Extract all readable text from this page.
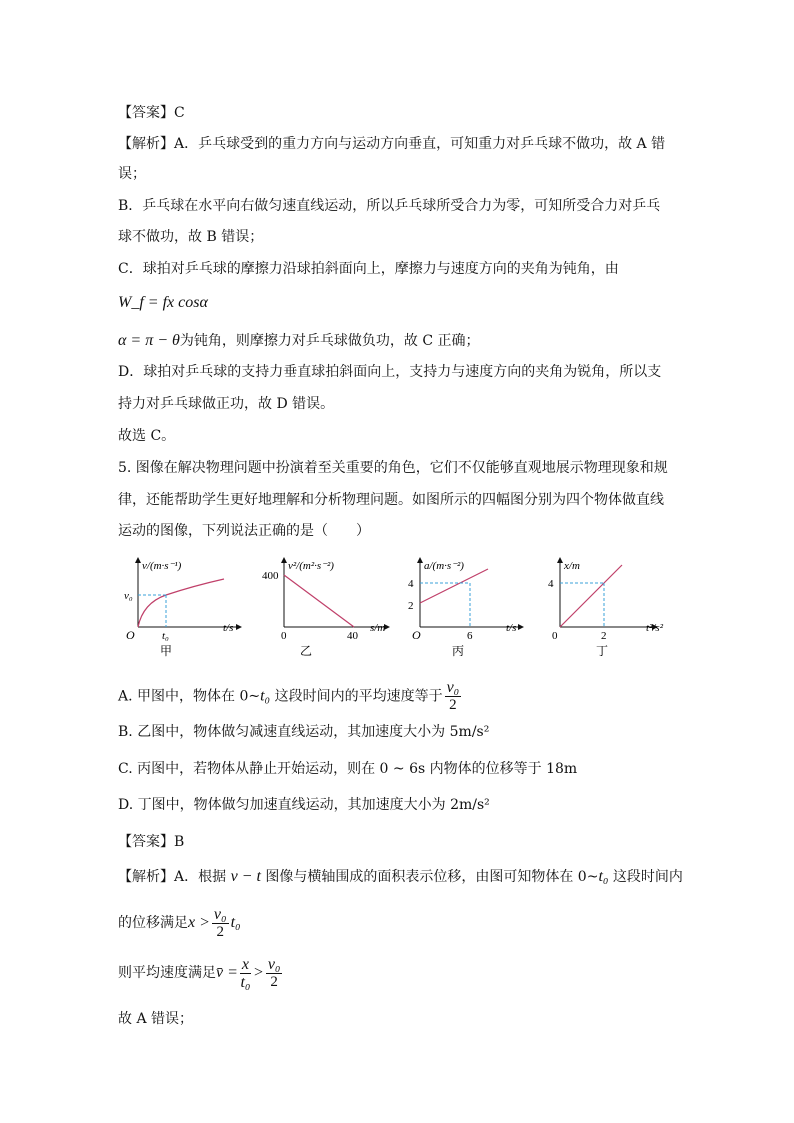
【答案】C
【解析】A．乒乓球受到的重力方向与运动方向垂直，可知重力对乒乓球不做功，故 A 错
误；
B．乒乓球在水平向右做匀速直线运动，所以乒乓球所受合力为零，可知所受合力对乒乓
球不做功，故 B 错误；
C．球拍对乒乓球的摩擦力沿球拍斜面向上，摩擦力与速度方向的夹角为钝角，由
W_f = fx cosα
α = π − θ为钝角，则摩擦力对乒乓球做负功，故 C 正确；
D．球拍对乒乓球的支持力垂直球拍斜面向上，支持力与速度方向的夹角为锐角，所以支
持力对乒乓球做正功，故 D 错误。
故选 C。
5. 图像在解决物理问题中扮演着至关重要的角色，它们不仅能够直观地展示物理现象和规
律，还能帮助学生更好地理解和分析物理问题。如图所示的四幅图分别为四个物体做直线
运动的图像，下列说法正确的是（　　）
v/(m·s⁻¹)
t/s
v₀
t₀
O
甲
v²/(m²·s⁻²)
s/m
400
40
0
乙
a/(m·s⁻²)
t/s
4
2
6
O
丙
x/m
t²/s²
4
2
0
丁
A. 甲图中，物体在 0~t₀ 这段时间内的平均速度等于 $\frac{\text{v₀}}{2}$
B. 乙图中，物体做匀减速直线运动，其加速度大小为 5m/s²
C. 丙图中，若物体从静止开始运动，则在 0 ~ 6s 内物体的位移等于 18m
D. 丁图中，物体做匀加速直线运动，其加速度大小为 2m/s²
【答案】B
【解析】A．根据 v − t 图像与横轴围成的面积表示位移，由图可知物体在 0~t₀ 这段时间内
的位移满足$x > \frac{\text{v₀}}{2} t_0$
则平均速度满足v̄ = $\frac{x}{\text{t₀}} > \frac{\text{v₀}}{2}$
故 A 错误；
